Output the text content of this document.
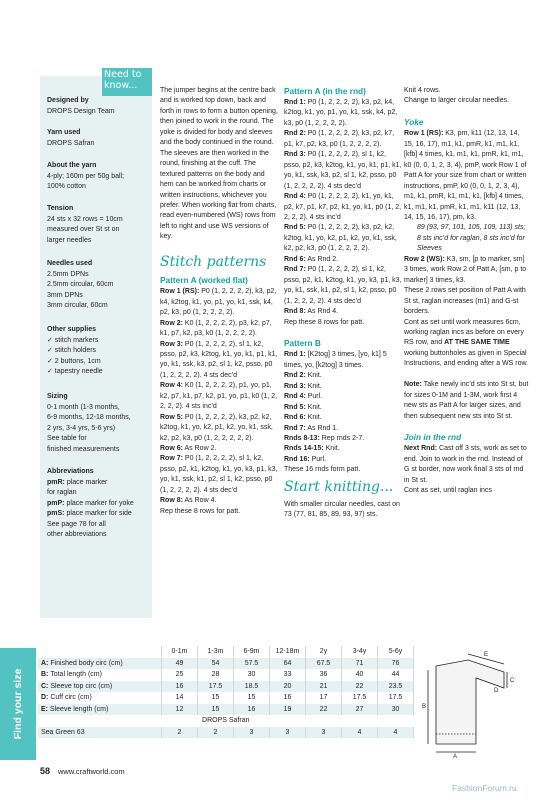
Need to
know...
Designed by
DROPS Design Team
Yarn used
DROPS Safran
About the yarn
4-ply; 160m per 50g ball;
100% cotton
Tension
24 sts x 32 rows = 10cm
measured over St st on
larger needles
Needles used
2.5mm DPNs
2.5mm circular, 60cm
3mm DPNs
3mm circular, 60cm
Other supplies
✓ stitch markers
✓ stitch holders
✓ 2 buttons, 1cm
✓ tapestry needle
Sizing
0-1 month (1-3 months,
6-9 months, 12-18 months,
2 yrs, 3-4 yrs, 5-6 yrs)
See table for
finished measurements
Abbreviations
pmR: place marker
for raglan
pmP: place marker for yoke
pmS: place marker for side
See page 78 for all
other abbreviations

The jumper begins at the centre back and is worked top down, back and forth in rows to form a button opening, then joined to work in the round. The yoke is divided for body and sleeves and the body continued in the round. The sleeves are then worked in the round, finishing at the cuff. The textured patterns on the body and hem can be worked from charts or written instructions, whichever you prefer. When working flat from charts, read even-numbered (WS) rows from left to right and use WS versions of key.

Stitch patterns
Pattern A (worked flat)

Row 1 (RS): P0 (1, 2, 2, 2, 2), k3, p2, k4, k2tog, k1, yo, p1, yo, k1, ssk, k4, p2, k3, p0 (1, 2, 2, 2, 2).

Row 2: K0 (1, 2, 2, 2, 2), p3, k2, p7, k1, p7, k2, p3, k0 (1, 2, 2, 2, 2).

Row 3: P0 (1, 2, 2, 2, 2), sl 1, k2, psso, p2, k3, k2tog, k1, yo, k1, p1, k1, yo, k1, ssk, k3, p2, sl 1, k2, psso, p0 (1, 2, 2, 2, 2). 4 sts dec’d

Row 4: K0 (1, 2, 2, 2, 2), p1, yo, p1, k2, p7, k1, p7, k2, p1, yo, p1, k0 (1, 2, 2, 2, 2). 4 sts inc’d

Row 5: P0 (1, 2, 2, 2, 2), k3, p2, k2, k2tog, k1, yo, k2, p1, k2, yo, k1, ssk, k2, p2, k3, p0 (1, 2, 2, 2, 2, 2).

Row 6: As Row 2.

Row 7: P0 (1, 2, 2, 2, 2), sl 1, k2, psso, p2, k1, k2tog, k1, yo, k3, p1, k3, yo, k1, ssk, k1, p2, sl 1, k2, psso, p0 (1, 2, 2, 2, 2). 4 sts dec’d

Row 8: As Row 4.

Rep these 8 rows for patt.

Pattern A (in the rnd)

Rnd 1: P0 (1, 2, 2, 2, 2), k3, p2, k4, k2tog, k1, yo, p1, yo, k1, ssk, k4, p2, k3, p0 (1, 2, 2, 2, 2).

Rnd 2: P0 (1, 2, 2, 2, 2), k3, p2, k7, p1, k7, p2, k3, p0 (1, 2, 2, 2, 2).

Rnd 3: P0 (1, 2, 2, 2, 2), sl 1, k2, psso, p2, k3, k2tog, k1, yo, k1, p1, k1, yo, k1, ssk, k3, p2, sl 1, k2, psso, p0 (1, 2, 2, 2, 2). 4 sts dec’d

Rnd 4: P0 (1, 2, 2, 2, 2), k1, yo, k1, p2, k7, p1, k7, p2, k1, yo, k1, p0 (1, 2, 2, 2, 2). 4 sts inc’d

Rnd 5: P0 (1, 2, 2, 2, 2), k3, p2, k2, k2tog, k1, yo, k2, p1, k2, yo, k1, ssk, k2, p2, k3, p0 (1, 2, 2, 2, 2).

Rnd 6: As Rnd 2.

Rnd 7: P0 (1, 2, 2, 2, 2), sl 1, k2, psso, p2, k1, k2tog, k1, yo, k3, p1, k3, yo, k1, ssk, k1, p2, sl 1, k2, psso, p0 (1, 2, 2, 2, 2). 4 sts dec’d

Rnd 8: As Rnd 4.

Rep these 8 rows for patt.

Pattern B

Rnd 1: [K2tog] 3 times, [yo, k1] 5 times, yo, [k2tog] 3 times.

Rnd 2: Knit.

Rnd 3: Knit.

Rnd 4: Purl.

Rnd 5: Knit.

Rnd 6: Knit.

Rnd 7: As Rnd 1.

Rnds 8-13: Rep rnds 2-7.

Rnds 14-15: Knit.

Rnd 16: Purl.

These 16 rnds form patt.

Start knitting...

With smaller circular needles, cast on 73 (77, 81, 85, 89, 93, 97) sts.

Knit 4 rows.

Change to larger circular needles.

Yoke

Row 1 (RS): K3, pm, k11 (12, 13, 14, 15, 16, 17), m1, k1, pmR, k1, m1, k1, [kfb] 4 times, k1, m1, k1, pmR, k1, m1, k0 (0, 0, 1, 2, 3, 4), pmP, work Row 1 of Patt A for your size from chart or written instructions, pmP, k0 (0, 0, 1, 2, 3, 4), m1, k1, pmR, k1, m1, k1, [kfb] 4 times, k1, m1, k1, pmR, k1, m1, k11 (12, 13, 14, 15, 16, 17), pm, k3.

89 (93, 97, 101, 105, 109, 113) sts; 8 sts inc’d for raglan, 8 sts inc’d for Sleeves

Row 2 (WS): K3, sm, [p to marker, sm] 3 times, work Row 2 of Patt A, [sm, p to marker] 3 times, k3.

These 2 rows set position of Patt A with St st, raglan increases (m1) and G-st borders.

Cont as set until work measures 6cm, working raglan incs as before on every RS row, and AT THE SAME TIME working buttonholes as given in Special Instructions, and ending after a WS row.

Note: Take newly inc’d sts into St st, but for sizes 0-1M and 1-3M, work first 4 new sts as Patt A for larger sizes, and then subsequent new sts into St st.

Join in the rnd

Next Rnd: Cast off 3 sts, work as set to end. Join to work in the rnd. Instead of G st border, now work final 3 sts of rnd in St st.

Cont as set, until raglan incs

Find your size
	0-1m	1-3m	6-9m	12-18m	2y	3-4y	5-6y
A: Finished body circ (cm)	49	54	57.5	64	67.5	71	76
B: Total length (cm)	25	28	30	33	36	40	44
C: Sleeve top circ (cm)	16	17.5	18.5	20	21	22	23.5
D: Cuff circ (cm)	14	15	15	16	17	17.5	17.5
E: Sleeve length (cm)	12	15	16	19	22	27	30
DROPS Safran							
Sea Green 63	2	2	3	3	3	4	4
A
B
C
D
E
58 www.craftworld.com
FashionForum.ru
